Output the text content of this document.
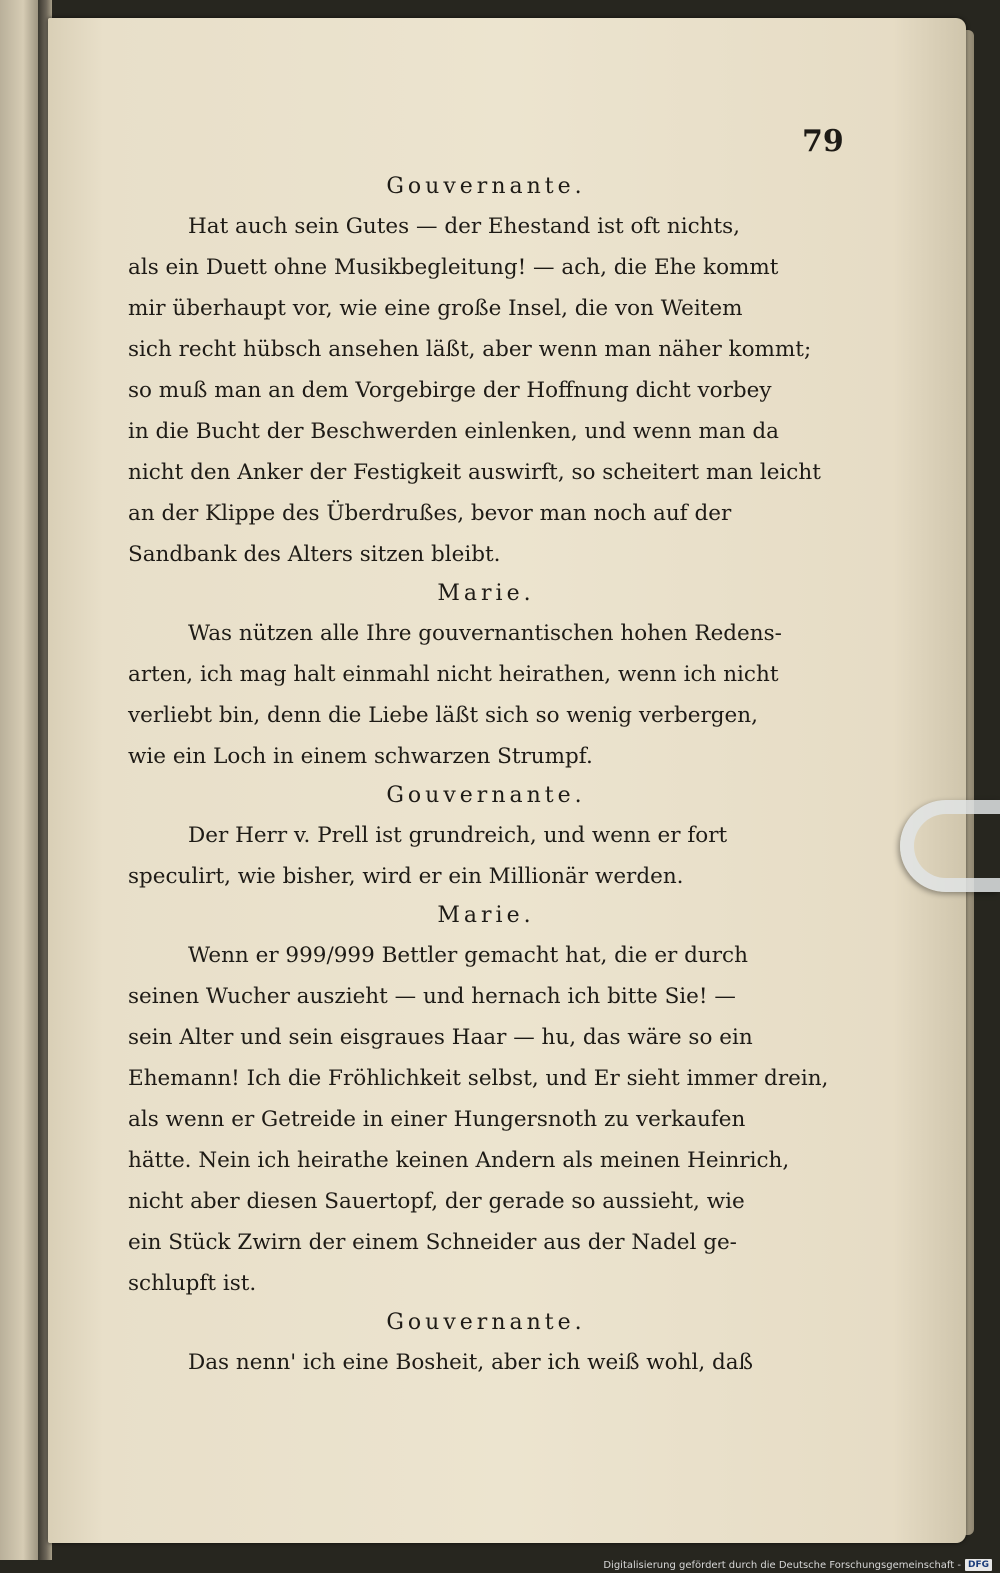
79
Gouvernante.
Hat auch sein Gutes — der Ehestand ist oft nichts,
als ein Duett ohne Musikbegleitung! — ach, die Ehe kommt
mir überhaupt vor, wie eine große Insel, die von Weitem
sich recht hübsch ansehen läßt, aber wenn man näher kommt;
so muß man an dem Vorgebirge der Hoffnung dicht vorbey
in die Bucht der Beschwerden einlenken, und wenn man da
nicht den Anker der Festigkeit auswirft, so scheitert man leicht
an der Klippe des Überdrußes, bevor man noch auf der
Sandbank des Alters sitzen bleibt.
Marie.
Was nützen alle Ihre gouvernantischen hohen Redens-
arten, ich mag halt einmahl nicht heirathen, wenn ich nicht
verliebt bin, denn die Liebe läßt sich so wenig verbergen,
wie ein Loch in einem schwarzen Strumpf.
Gouvernante.
Der Herr v. Prell ist grundreich, und wenn er fort
speculirt, wie bisher, wird er ein Millionär werden.
Marie.
Wenn er 999/999 Bettler gemacht hat, die er durch
seinen Wucher auszieht — und hernach ich bitte Sie! —
sein Alter und sein eisgraues Haar — hu, das wäre so ein
Ehemann! Ich die Fröhlichkeit selbst, und Er sieht immer drein,
als wenn er Getreide in einer Hungersnoth zu verkaufen
hätte. Nein ich heirathe keinen Andern als meinen Heinrich,
nicht aber diesen Sauertopf, der gerade so aussieht, wie
ein Stück Zwirn der einem Schneider aus der Nadel ge-
schlupft ist.
Gouvernante.
Das nenn' ich eine Bosheit, aber ich weiß wohl, daß
Digitalisierung gefördert durch die Deutsche Forschungsgemeinschaft - DFG
